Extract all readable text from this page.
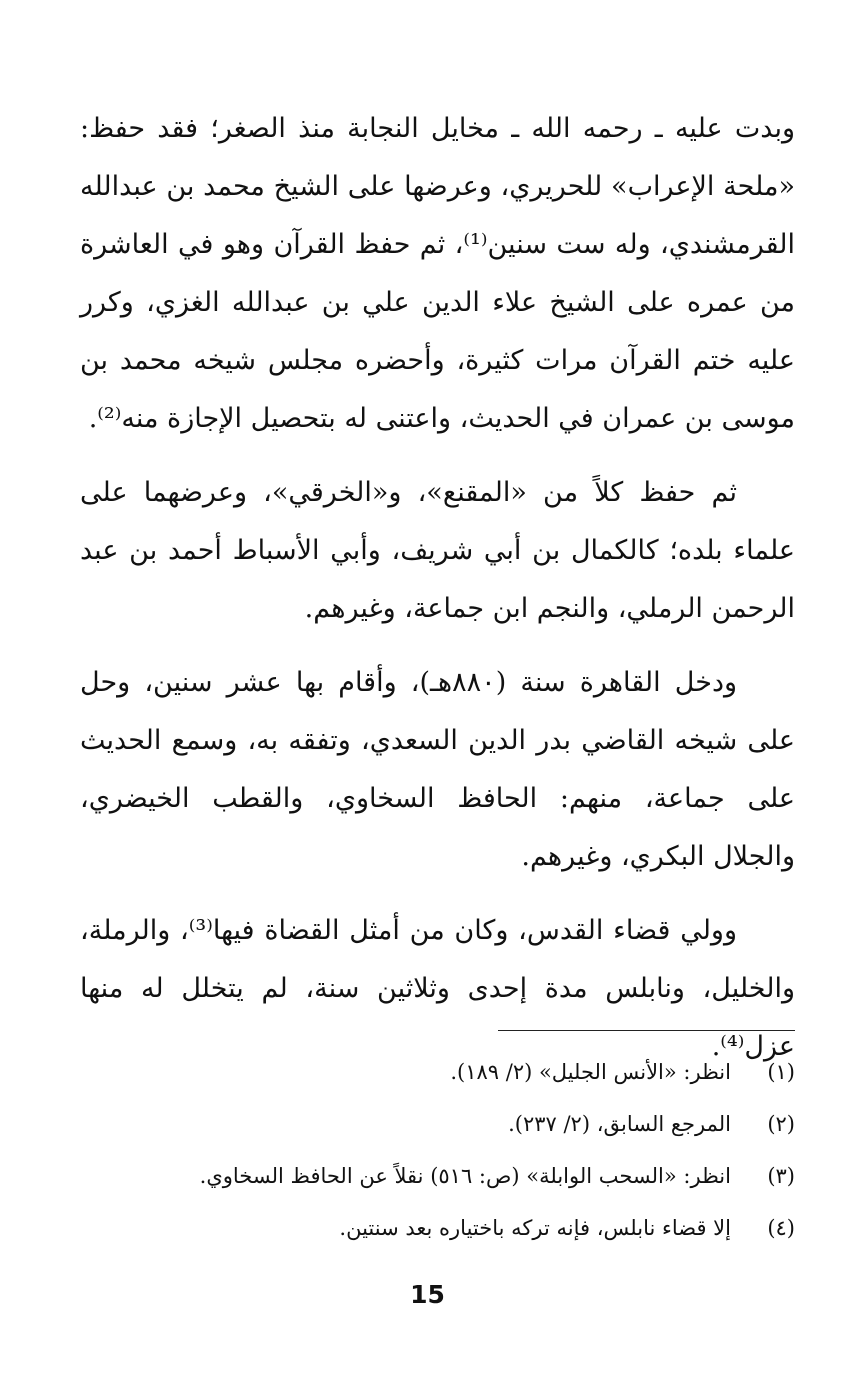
وبدت عليه ـ رحمه الله ـ مخايل النجابة منذ الصغر؛ فقد حفظ: «ملحة الإعراب» للحريري، وعرضها على الشيخ محمد بن عبدالله القرمشندي، وله ست سنين⁽¹⁾، ثم حفظ القرآن وهو في العاشرة من عمره على الشيخ علاء الدين علي بن عبدالله الغزي، وكرر عليه ختم القرآن مرات كثيرة، وأحضره مجلس شيخه محمد بن موسى بن عمران في الحديث، واعتنى له بتحصيل الإجازة منه⁽²⁾.

ثم حفظ كلاً من «المقنع»، و«الخرقي»، وعرضهما على علماء بلده؛ كالكمال بن أبي شريف، وأبي الأسباط أحمد بن عبد الرحمن الرملي، والنجم ابن جماعة، وغيرهم.

ودخل القاهرة سنة (٨٨٠هـ)، وأقام بها عشر سنين، وحل على شيخه القاضي بدر الدين السعدي، وتفقه به، وسمع الحديث على جماعة، منهم: الحافظ السخاوي، والقطب الخيضري، والجلال البكري، وغيرهم.

وولي قضاء القدس، وكان من أمثل القضاة فيها⁽³⁾، والرملة، والخليل، ونابلس مدة إحدى وثلاثين سنة، لم يتخلل له منها عزل⁽⁴⁾.

(١)
انظر: «الأنس الجليل» (٢/ ١٨٩).
(٢)
المرجع السابق، (٢/ ٢٣٧).
(٣)
انظر: «السحب الوابلة» (ص: ٥١٦) نقلاً عن الحافظ السخاوي.
(٤)
إلا قضاء نابلس، فإنه تركه باختياره بعد سنتين.
15
